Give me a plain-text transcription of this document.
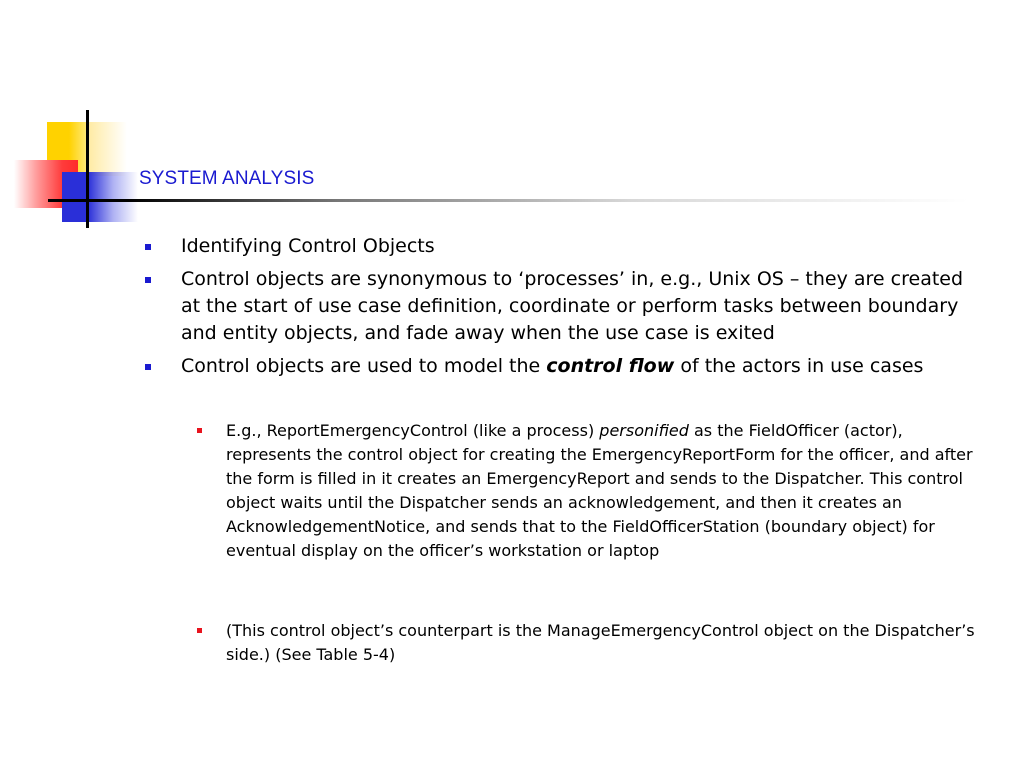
SYSTEM ANALYSIS
Identifying Control Objects
Control objects are synonymous to ‘processes’ in, e.g., Unix OS – they are created at the start of use case definition, coordinate or perform tasks between boundary and entity objects, and fade away when the use case is exited
Control objects are used to model the control flow of the actors in use cases
E.g., ReportEmergencyControl (like a process) personified as the FieldOfficer (actor), represents the control object for creating the EmergencyReportForm for the officer, and after the form is filled in it creates an EmergencyReport and sends to the Dispatcher. This control object waits until the Dispatcher sends an acknowledgement, and then it creates an AcknowledgementNotice, and sends that to the FieldOfficerStation (boundary object) for eventual display on the officer’s workstation or laptop
(This control object’s counterpart is the ManageEmergencyControl object on the Dispatcher’s side.) (See Table 5-4)
